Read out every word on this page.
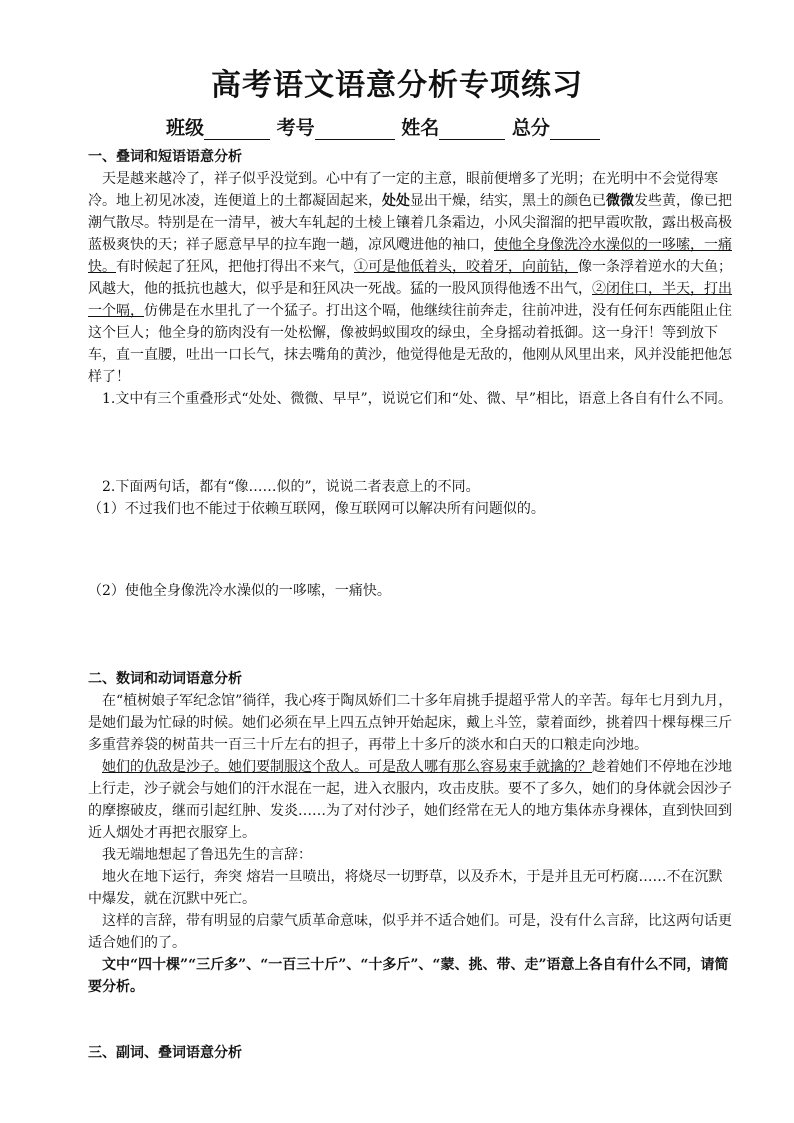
高考语文语意分析专项练习
班级	考号	姓名	总分

一、叠词和短语语意分析

天是越来越冷了，祥子似乎没觉到。心中有了一定的主意，眼前便增多了光明；在光明中不会觉得寒冷。地上初见冰凌，连便道上的土都凝固起来，处处显出干燥，结实，黑土的颜色已微微发些黄，像已把潮气散尽。特别是在一清早，被大车轧起的土棱上镶着几条霜边，小风尖溜溜的把早霞吹散，露出极高极蓝极爽快的天；祥子愿意早早的拉车跑一趟，凉风飕进他的袖口，使他全身像洗冷水澡似的一哆嗦，一痛快。有时候起了狂风，把他打得出不来气，①可是他低着头，咬着牙，向前钻，像一条浮着逆水的大鱼；风越大，他的抵抗也越大，似乎是和狂风决一死战。猛的一股风顶得他透不出气，②闭住口，半天，打出一个嗝，仿佛是在水里扎了一个猛子。打出这个嗝，他继续往前奔走，往前冲进，没有任何东西能阻止住这个巨人；他全身的筋肉没有一处松懈，像被蚂蚁围攻的绿虫，全身摇动着抵御。这一身汗！等到放下车，直一直腰，吐出一口长气，抹去嘴角的黄沙，他觉得他是无敌的，他刚从风里出来，风并没能把他怎样了！

1.文中有三个重叠形式“处处、微微、早早”，说说它们和“处、微、早”相比，语意上各自有什么不同。

2.下面两句话，都有“像……似的”，说说二者表意上的不同。

（1）不过我们也不能过于依赖互联网，像互联网可以解决所有问题似的。

（2）使他全身像洗冷水澡似的一哆嗦，一痛快。

二、数词和动词语意分析

在“植树娘子军纪念馆”徜徉，我心疼于陶凤娇们二十多年肩挑手提超乎常人的辛苦。每年七月到九月，是她们最为忙碌的时候。她们必须在早上四五点钟开始起床，戴上斗笠，蒙着面纱，挑着四十棵每棵三斤多重营养袋的树苗共一百三十斤左右的担子，再带上十多斤的淡水和白天的口粮走向沙地。

她们的仇敌是沙子。她们要制服这个敌人。可是敌人哪有那么容易束手就擒的？趁着她们不停地在沙地上行走，沙子就会与她们的汗水混在一起，进入衣服内，攻击皮肤。要不了多久，她们的身体就会因沙子的摩擦破皮，继而引起红肿、发炎……为了对付沙子，她们经常在无人的地方集体赤身裸体，直到快回到近人烟处才再把衣服穿上。

我无端地想起了鲁迅先生的言辞：

地火在地下运行，奔突 熔岩一旦喷出，将烧尽一切野草，以及乔木，于是并且无可朽腐……不在沉默中爆发，就在沉默中死亡。

这样的言辞，带有明显的启蒙气质革命意味，似乎并不适合她们。可是，没有什么言辞，比这两句话更适合她们的了。

文中“四十棵”“三斤多”、“一百三十斤”、“十多斤”、“蒙、挑、带、走”语意上各自有什么不同，请简要分析。

三、副词、叠词语意分析
